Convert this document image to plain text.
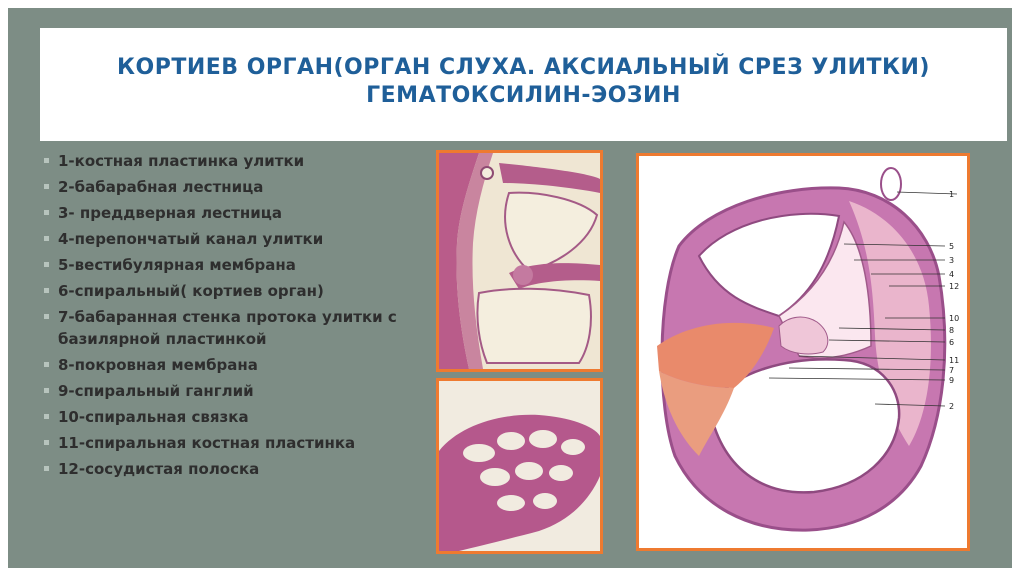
КОРТИЕВ ОРГАН(ОРГАН СЛУХА. АКСИАЛЬНЫЙ СРЕЗ УЛИТКИ)
ГЕМАТОКСИЛИН-ЭОЗИН
1-костная пластинка улитки
2-бабарабная лестница
3- преддверная лестница
4-перепончатый канал улитки
5-вестибулярная мембрана
6-спиральный( кортиев орган)
7-бабаранная стенка протока улитки с базилярной пластинкой
8-покровная мембрана
9-спиральный ганглий
10-спиральная связка
11-спиральная костная пластинка
12-сосудистая полоска
1
5
3
4
12
10
8
6
11
7
9
2
